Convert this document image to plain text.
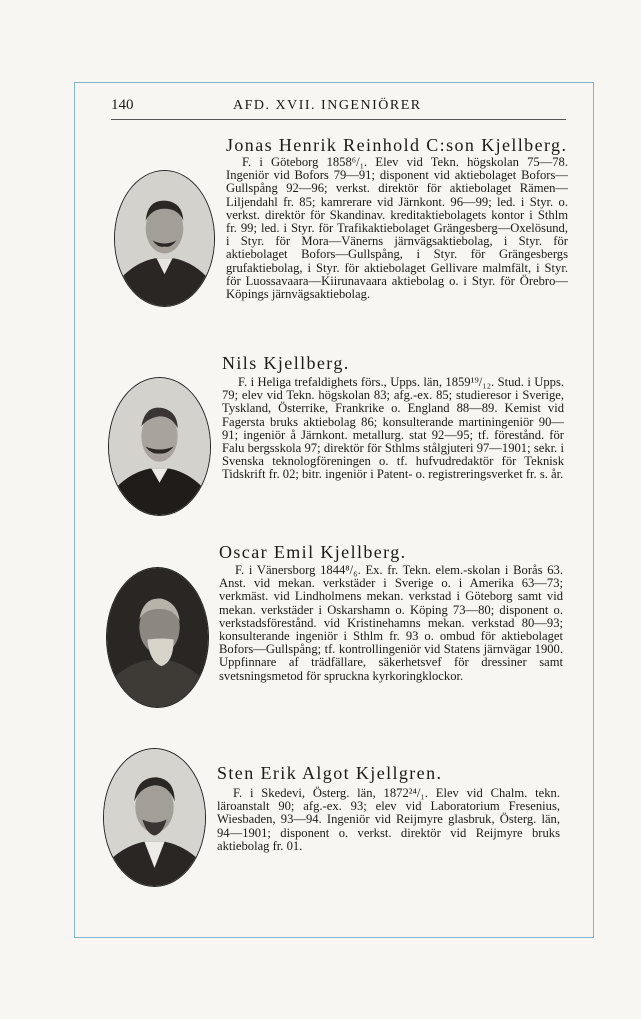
140	AFD. XVII. INGENIÖRER
Jonas Henrik Reinhold C:son Kjellberg.
F. i Göteborg 1858⁶/₁. Elev vid Tekn. högskolan 75—78. Ingeniör vid Bofors 79—91; disponent vid aktiebolaget Bofors—Gullspång 92—96; verkst. direktör för aktiebolaget Rämen—Liljendahl fr. 85; kamrerare vid Järnkont. 96—99; led. i Styr. o. verkst. direktör för Skandinav. kreditaktiebolagets kontor i Sthlm fr. 99; led. i Styr. för Trafikaktiebolaget Grängesberg—Oxelösund, i Styr. för Mora—Vänerns järnvägsaktiebolag, i Styr. för aktiebolaget Bofors—Gullspång, i Styr. för Grängesbergs grufaktiebolag, i Styr. för aktiebolaget Gellivare malmfält, i Styr. för Luossavaara—Kiirunavaara aktiebolag o. i Styr. för Örebro—Köpings järnvägsaktiebolag.
Nils Kjellberg.
F. i Heliga trefaldighets förs., Upps. län, 1859¹⁹/₁₂. Stud. i Upps. 79; elev vid Tekn. högskolan 83; afg.-ex. 85; studieresor i Sverige, Tyskland, Österrike, Frankrike o. England 88—89. Kemist vid Fagersta bruks aktiebolag 86; konsulterande martiningeniör 90—91; ingeniör å Järnkont. metallurg. stat 92—95; tf. förestånd. för Falu bergsskola 97; direktör för Sthlms stålgjuteri 97—1901; sekr. i Svenska teknologföreningen o. tf. hufvudredaktör för Teknisk Tidskrift fr. 02; bitr. ingeniör i Patent- o. registreringsverket fr. s. år.
Oscar Emil Kjellberg.
F. i Vänersborg 1844⁸/₆. Ex. fr. Tekn. elem.-skolan i Borås 63. Anst. vid mekan. verkstäder i Sverige o. i Amerika 63—73; verkmäst. vid Lindholmens mekan. verkstad i Göteborg samt vid mekan. verkstäder i Oskarshamn o. Köping 73—80; disponent o. verkstadsförestånd. vid Kristinehamns mekan. verkstad 80—93; konsulterande ingeniör i Sthlm fr. 93 o. ombud för aktiebolaget Bofors—Gullspång; tf. kontrollingeniör vid Statens järnvägar 1900. Uppfinnare af trädfällare, säkerhetsvef för dressiner samt svetsningsmetod för spruckna kyrkoringklockor.
Sten Erik Algot Kjellgren.
F. i Skedevi, Österg. län, 1872²⁴/₁. Elev vid Chalm. tekn. läroanstalt 90; afg.-ex. 93; elev vid Laboratorium Fresenius, Wiesbaden, 93—94. Ingeniör vid Reijmyre glasbruk, Österg. län, 94—1901; disponent o. verkst. direktör vid Reijmyre bruks aktiebolag fr. 01.
